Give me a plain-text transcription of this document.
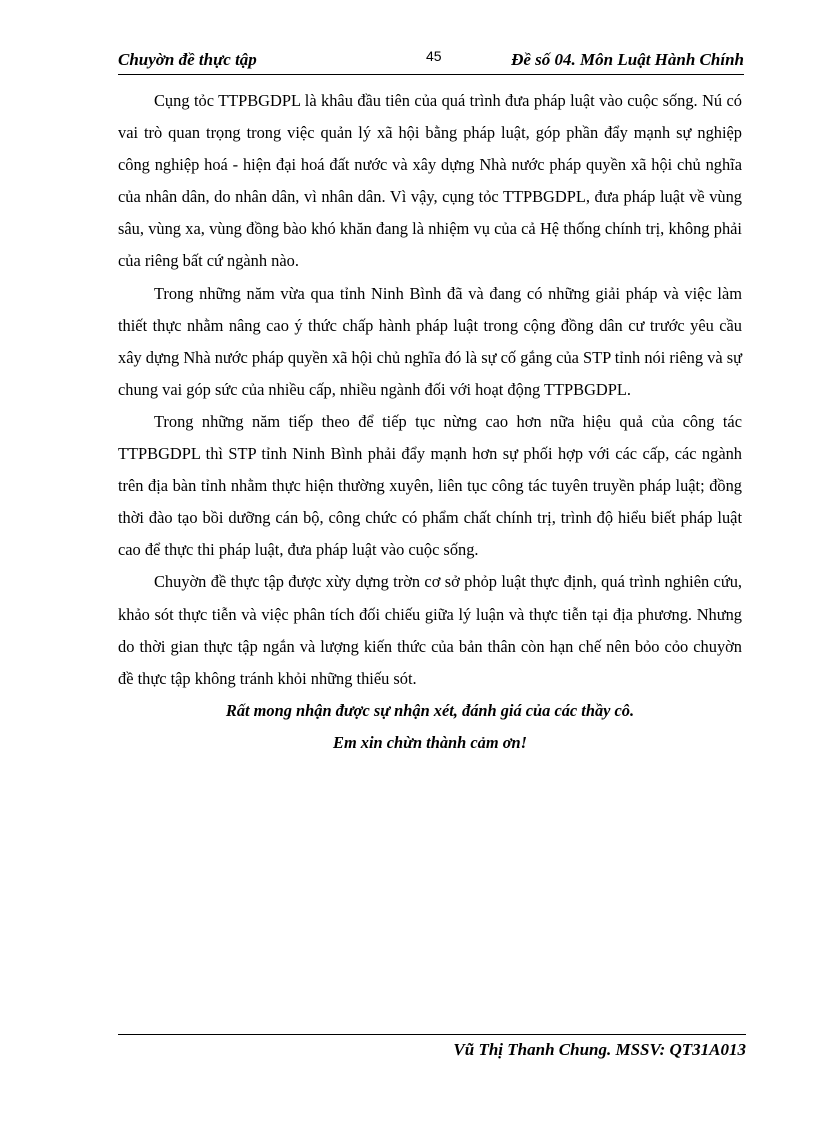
Chuyờn đề thực tập	45	Đề số 04. Môn Luật Hành Chính

Cụng tỏc TTPBGDPL là khâu đầu tiên của quá trình đưa pháp luật vào cuộc sống. Nú có vai trò quan trọng trong việc quản lý xã hội bằng pháp luật, góp phần đẩy mạnh sự nghiệp công nghiệp hoá - hiện đại hoá đất nước và xây dựng Nhà nước pháp quyền xã hội chủ nghĩa của nhân dân, do nhân dân, vì nhân dân. Vì vậy, cụng tỏc TTPBGDPL, đưa pháp luật về vùng sâu, vùng xa, vùng đồng bào khó khăn đang là nhiệm vụ của cả Hệ thống chính trị, không phải của riêng bất cứ ngành nào.

Trong những năm vừa qua tỉnh Ninh Bình đã và đang có những giải pháp và việc làm thiết thực nhằm nâng cao ý thức chấp hành pháp luật trong cộng đồng dân cư trước yêu cầu xây dựng Nhà nước pháp quyền xã hội chủ nghĩa đó là sự cố gắng của STP tỉnh nói riêng và sự chung vai góp sức của nhiều cấp, nhiều ngành đối với hoạt động TTPBGDPL.

Trong những năm tiếp theo để tiếp tục nừng cao hơn nữa hiệu quả của công tác TTPBGDPL thì STP tỉnh Ninh Bình phải đẩy mạnh hơn sự phối hợp với các cấp, các ngành trên địa bàn tỉnh nhằm thực hiện thường xuyên, liên tục công tác tuyên truyền pháp luật; đồng thời đào tạo bồi dưỡng cán bộ, công chức có phẩm chất chính trị, trình độ hiểu biết pháp luật cao để thực thi pháp luật, đưa pháp luật vào cuộc sống.

Chuyờn đề thực tập được xừy dựng trờn cơ sở phỏp luật thực định, quá trình nghiên cứu, khảo sót thực tiễn và việc phân tích đối chiếu giữa lý luận và thực tiễn tại địa phương. Nhưng do thời gian thực tập ngắn và lượng kiến thức của bản thân còn hạn chế nên bỏo cỏo chuyờn đề thực tập không tránh khỏi những thiếu sót.

Rất mong nhận được sự nhận xét, đánh giá của các thầy cô.

Em xin chừn thành cảm ơn!

Vũ Thị Thanh Chung. MSSV: QT31A013
